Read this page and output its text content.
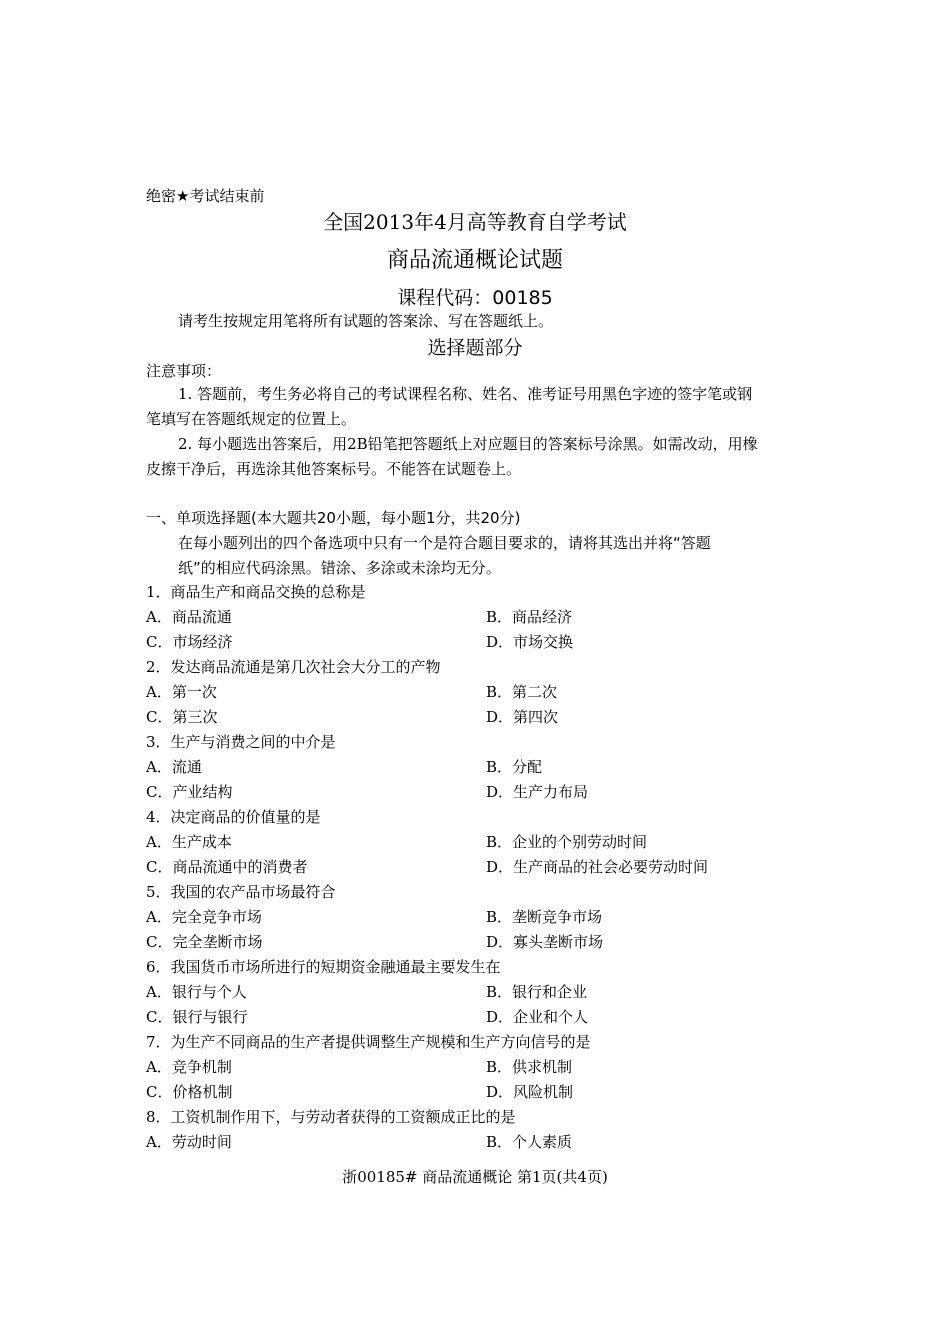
绝密★考试结束前
全国2013年4月高等教育自学考试
商品流通概论试题
课程代码：00185
请考生按规定用笔将所有试题的答案涂、写在答题纸上。
选择题部分
注意事项：
1. 答题前，考生务必将自己的考试课程名称、姓名、准考证号用黑色字迹的签字笔或钢
笔填写在答题纸规定的位置上。
2. 每小题选出答案后，用2B铅笔把答题纸上对应题目的答案标号涂黑。如需改动，用橡
皮擦干净后，再选涂其他答案标号。不能答在试题卷上。
一、单项选择题(本大题共20小题，每小题1分，共20分)
在每小题列出的四个备选项中只有一个是符合题目要求的，请将其选出并将“答题
纸”的相应代码涂黑。错涂、多涂或未涂均无分。
1．商品生产和商品交换的总称是
A．商品流通	B．商品经济
C．市场经济	D．市场交换
2．发达商品流通是第几次社会大分工的产物
A．第一次	B．第二次
C．第三次	D．第四次
3．生产与消费之间的中介是
A．流通	B．分配
C．产业结构	D．生产力布局
4．决定商品的价值量的是
A．生产成本	B．企业的个别劳动时间
C．商品流通中的消费者	D．生产商品的社会必要劳动时间
5．我国的农产品市场最符合
A．完全竞争市场	B．垄断竞争市场
C．完全垄断市场	D．寡头垄断市场
6．我国货币市场所进行的短期资金融通最主要发生在
A．银行与个人	B．银行和企业
C．银行与银行	D．企业和个人
7．为生产不同商品的生产者提供调整生产规模和生产方向信号的是
A．竞争机制	B．供求机制
C．价格机制	D．风险机制
8．工资机制作用下，与劳动者获得的工资额成正比的是
A．劳动时间	B．个人素质
浙00185# 商品流通概论 第1页(共4页)
